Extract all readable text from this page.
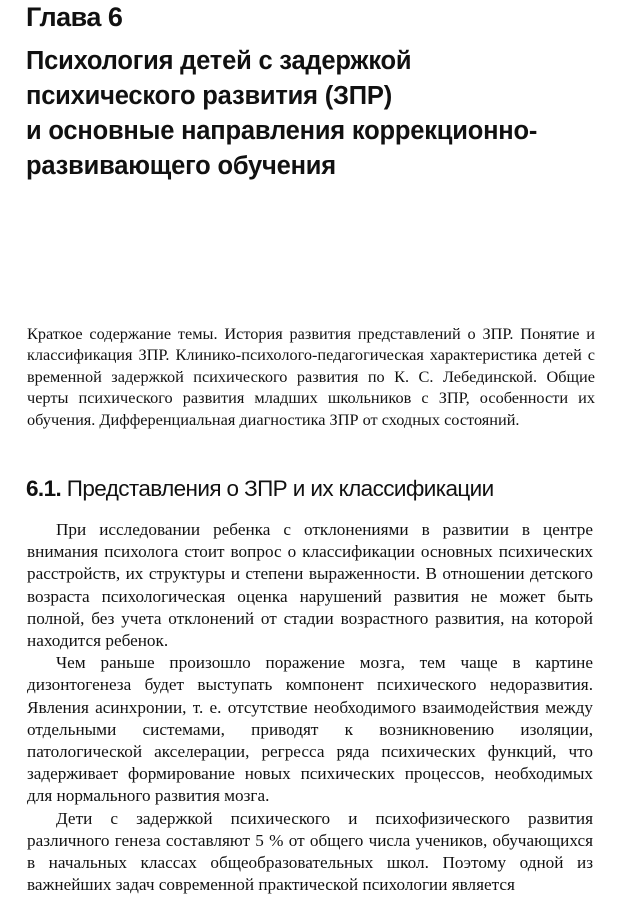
Глава 6
Психология детей с задержкой
психического развития (ЗПР)
и основные направления коррекционно-
развивающего обучения

Краткое содержание темы. История развития представлений о ЗПР. Понятие и классификация ЗПР. Клинико-психолого-педагогическая характеристика детей с временной задержкой психического развития по К. С. Лебединской. Общие черты психического развития младших школьников с ЗПР, особенности их обучения. Дифференциальная диагностика ЗПР от сходных состояний.

6.1. Представления о ЗПР и их классификации

При исследовании ребенка с отклонениями в развитии в центре внимания психолога стоит вопрос о классификации основных психических расстройств, их структуры и степени выраженности. В отношении детского возраста психологическая оценка нарушений развития не может быть полной, без учета отклонений от стадии возрастного развития, на которой находится ребенок.

Чем раньше произошло поражение мозга, тем чаще в картине дизонтогенеза будет выступать компонент психического недоразвития. Явления асинхронии, т. е. отсутствие необходимого взаимодействия между отдельными системами, приводят к возникновению изоляции, патологической акселерации, регресса ряда психических функций, что задерживает формирование новых психических процессов, необходимых для нормального развития мозга.

Дети с задержкой психического и психофизического развития различного генеза составляют 5 % от общего числа учеников, обучающихся в начальных классах общеобразовательных школ. Поэтому одной из важнейших задач современной практической психологии является
